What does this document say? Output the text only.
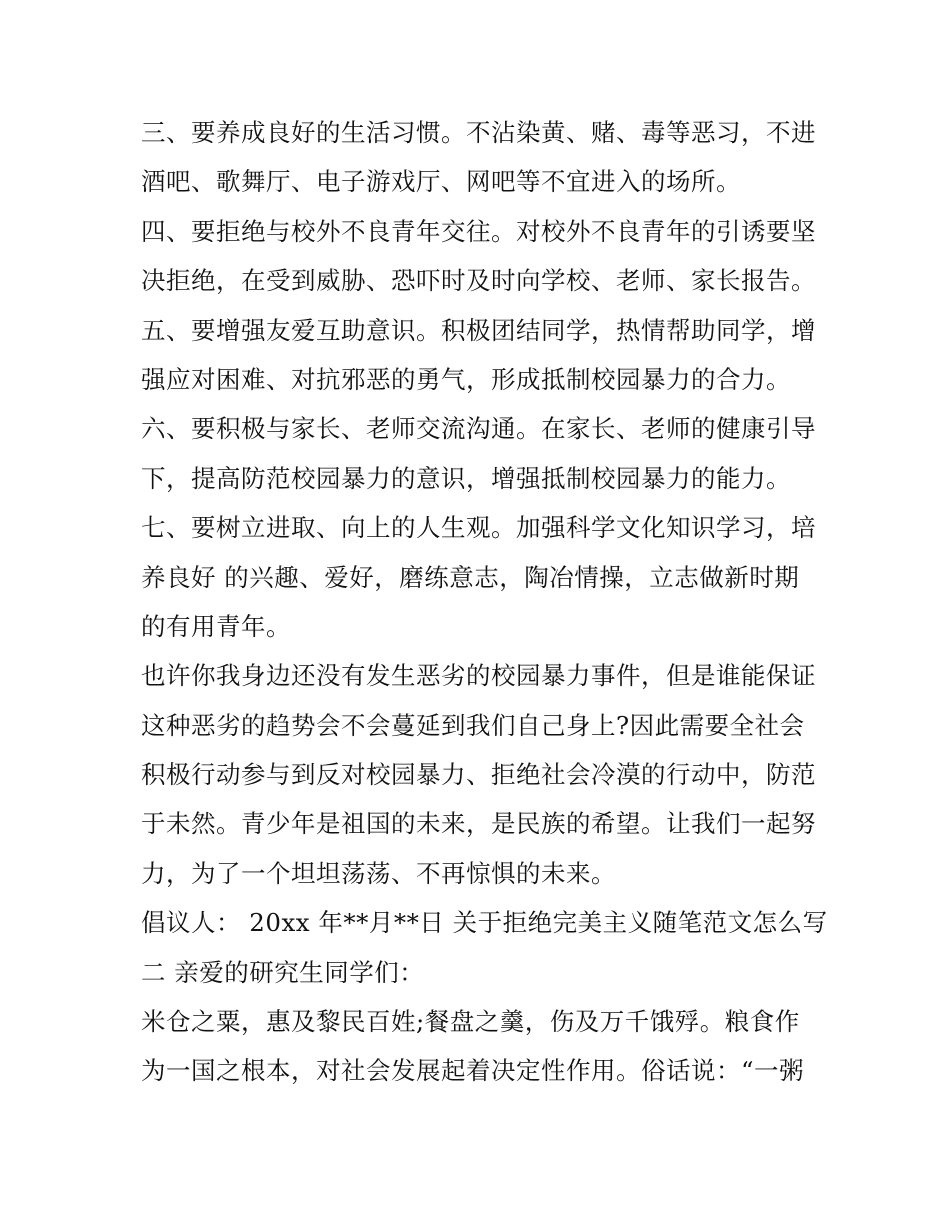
三、要养成良好的生活习惯。不沾染黄、赌、毒等恶习，不进
酒吧、歌舞厅、电子游戏厅、网吧等不宜进入的场所。
四、要拒绝与校外不良青年交往。对校外不良青年的引诱要坚
决拒绝，在受到威胁、恐吓时及时向学校、老师、家长报告。
五、要增强友爱互助意识。积极团结同学，热情帮助同学，增
强应对困难、对抗邪恶的勇气，形成抵制校园暴力的合力。
六、要积极与家长、老师交流沟通。在家长、老师的健康引导
下，提高防范校园暴力的意识，增强抵制校园暴力的能力。
七、要树立进取、向上的人生观。加强科学文化知识学习，培
养良好 的兴趣、爱好，磨练意志，陶冶情操，立志做新时期
的有用青年。
也许你我身边还没有发生恶劣的校园暴力事件，但是谁能保证
这种恶劣的趋势会不会蔓延到我们自己身上?因此需要全社会
积极行动参与到反对校园暴力、拒绝社会冷漠的行动中，防范
于未然。青少年是祖国的未来，是民族的希望。让我们一起努
力，为了一个坦坦荡荡、不再惊惧的未来。
倡议人： 20xx 年**月**日 关于拒绝完美主义随笔范文怎么写
二 亲爱的研究生同学们：
米仓之粟，惠及黎民百姓;餐盘之羹，伤及万千饿殍。粮食作
为一国之根本，对社会发展起着决定性作用。俗话说：“一粥
